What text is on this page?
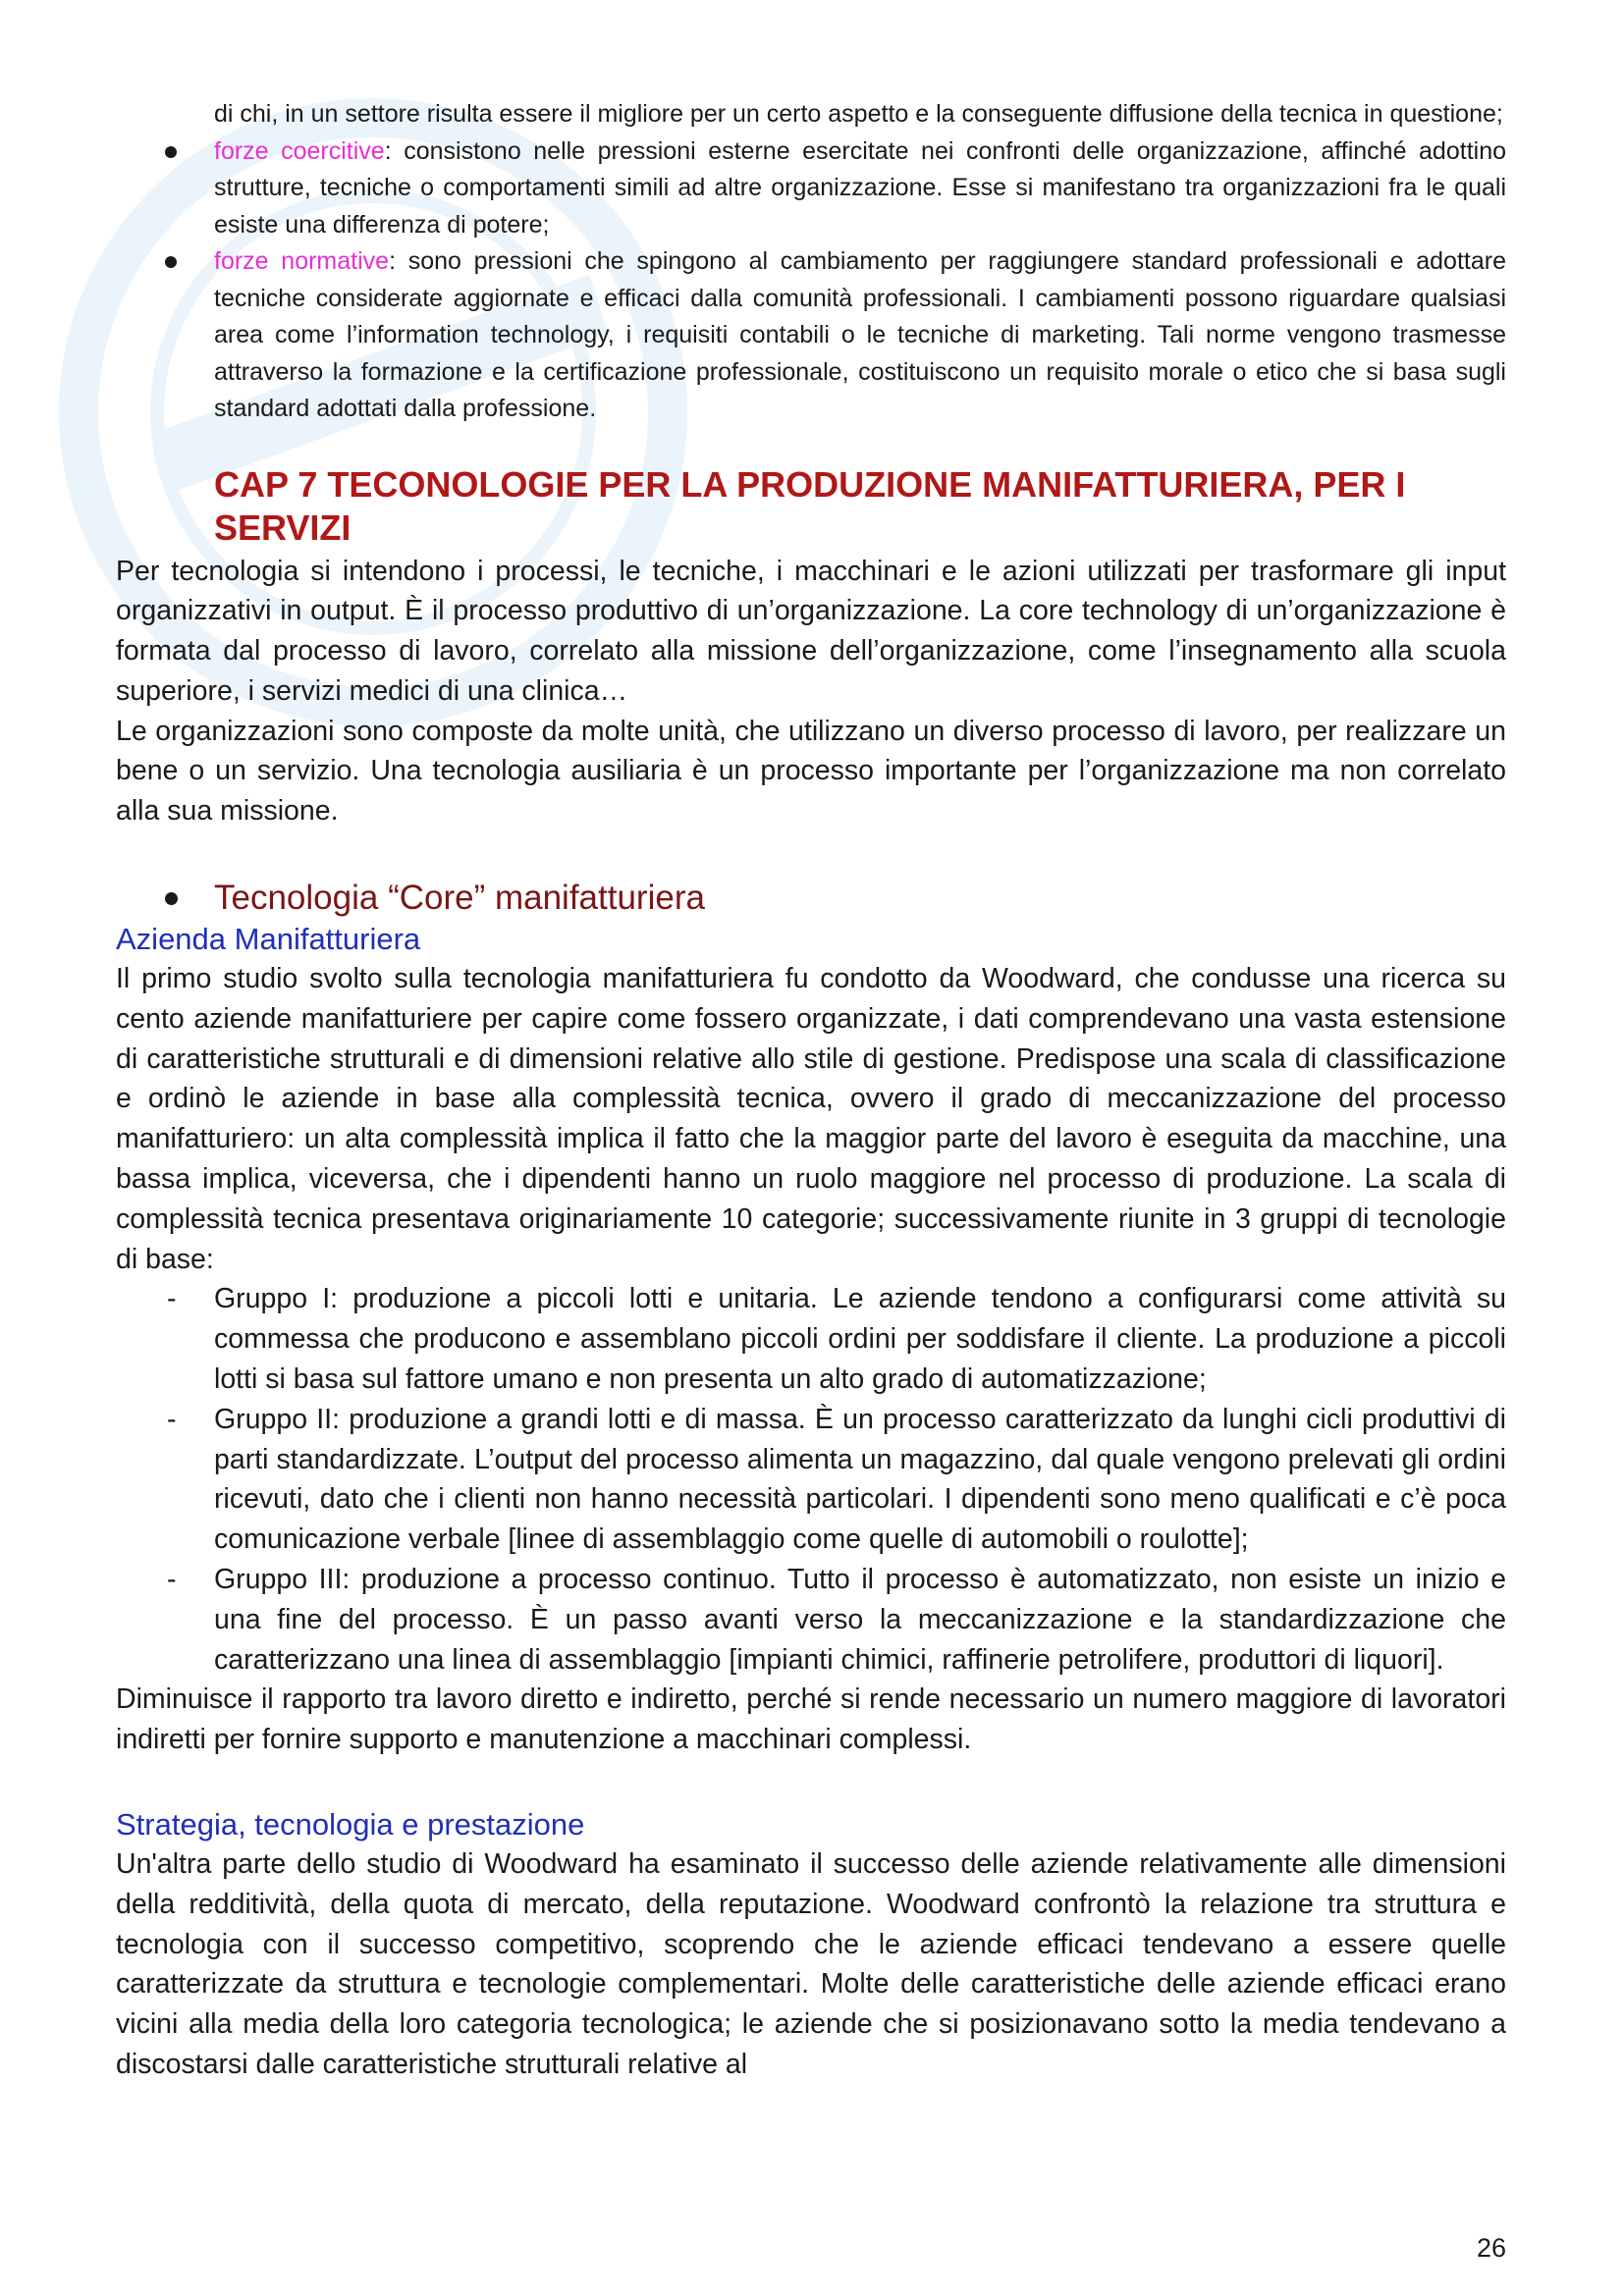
di chi, in un settore risulta essere il migliore per un certo aspetto e la conseguente diffusione della tecnica in questione;

forze coercitive: consistono nelle pressioni esterne esercitate nei confronti delle organizzazione, affinché adottino strutture, tecniche o comportamenti simili ad altre organizzazione. Esse si manifestano tra organizzazioni fra le quali esiste una differenza di potere;
forze normative: sono pressioni che spingono al cambiamento per raggiungere standard professionali e adottare tecniche considerate aggiornate e efficaci dalla comunità professionali. I cambiamenti possono riguardare qualsiasi area come l’information technology, i requisiti contabili o le tecniche di marketing. Tali norme vengono trasmesse attraverso la formazione e la certificazione professionale, costituiscono un requisito morale o etico che si basa sugli standard adottati dalla professione.
CAP 7 TECONOLOGIE PER LA PRODUZIONE MANIFATTURIERA, PER I SERVIZI

Per tecnologia si intendono i processi, le tecniche, i macchinari e le azioni utilizzati per trasformare gli input organizzativi in output. È il processo produttivo di un’organizzazione. La core technology di un’organizzazione è formata dal processo di lavoro, correlato alla missione dell’organizzazione, come l’insegnamento alla scuola superiore, i servizi medici di una clinica…

Le organizzazioni sono composte da molte unità, che utilizzano un diverso processo di lavoro, per realizzare un bene o un servizio. Una tecnologia ausiliaria è un processo importante per l’organizzazione ma non correlato alla sua missione.

Tecnologia “Core” manifatturiera
Azienda Manifatturiera

Il primo studio svolto sulla tecnologia manifatturiera fu condotto da Woodward, che condusse una ricerca su cento aziende manifatturiere per capire come fossero organizzate, i dati comprendevano una vasta estensione di caratteristiche strutturali e di dimensioni relative allo stile di gestione. Predispose una scala di classificazione e ordinò le aziende in base alla complessità tecnica, ovvero il grado di meccanizzazione del processo manifatturiero: un alta complessità implica il fatto che la maggior parte del lavoro è eseguita da macchine, una bassa implica, viceversa, che i dipendenti hanno un ruolo maggiore nel processo di produzione. La scala di complessità tecnica presentava originariamente 10 categorie; successivamente riunite in 3 gruppi di tecnologie di base:

- Gruppo I: produzione a piccoli lotti e unitaria. Le aziende tendono a configurarsi come attività su commessa che producono e assemblano piccoli ordini per soddisfare il cliente. La produzione a piccoli lotti si basa sul fattore umano e non presenta un alto grado di automatizzazione;
- Gruppo II: produzione a grandi lotti e di massa. È un processo caratterizzato da lunghi cicli produttivi di parti standardizzate. L’output del processo alimenta un magazzino, dal quale vengono prelevati gli ordini ricevuti, dato che i clienti non hanno necessità particolari. I dipendenti sono meno qualificati e c’è poca comunicazione verbale [linee di assemblaggio come quelle di automobili o roulotte];
- Gruppo III: produzione a processo continuo. Tutto il processo è automatizzato, non esiste un inizio e una fine del processo. È un passo avanti verso la meccanizzazione e la standardizzazione che caratterizzano una linea di assemblaggio [impianti chimici, raffinerie petrolifere, produttori di liquori].

Diminuisce il rapporto tra lavoro diretto e indiretto, perché si rende necessario un numero maggiore di lavoratori indiretti per fornire supporto e manutenzione a macchinari complessi.

Strategia, tecnologia e prestazione

Un'altra parte dello studio di Woodward ha esaminato il successo delle aziende relativamente alle dimensioni della redditività, della quota di mercato, della reputazione. Woodward confrontò la relazione tra struttura e tecnologia con il successo competitivo, scoprendo che le aziende efficaci tendevano a essere quelle caratterizzate da struttura e tecnologie complementari. Molte delle caratteristiche delle aziende efficaci erano vicini alla media della loro categoria tecnologica; le aziende che si posizionavano sotto la media tendevano a discostarsi dalle caratteristiche strutturali relative al

26
